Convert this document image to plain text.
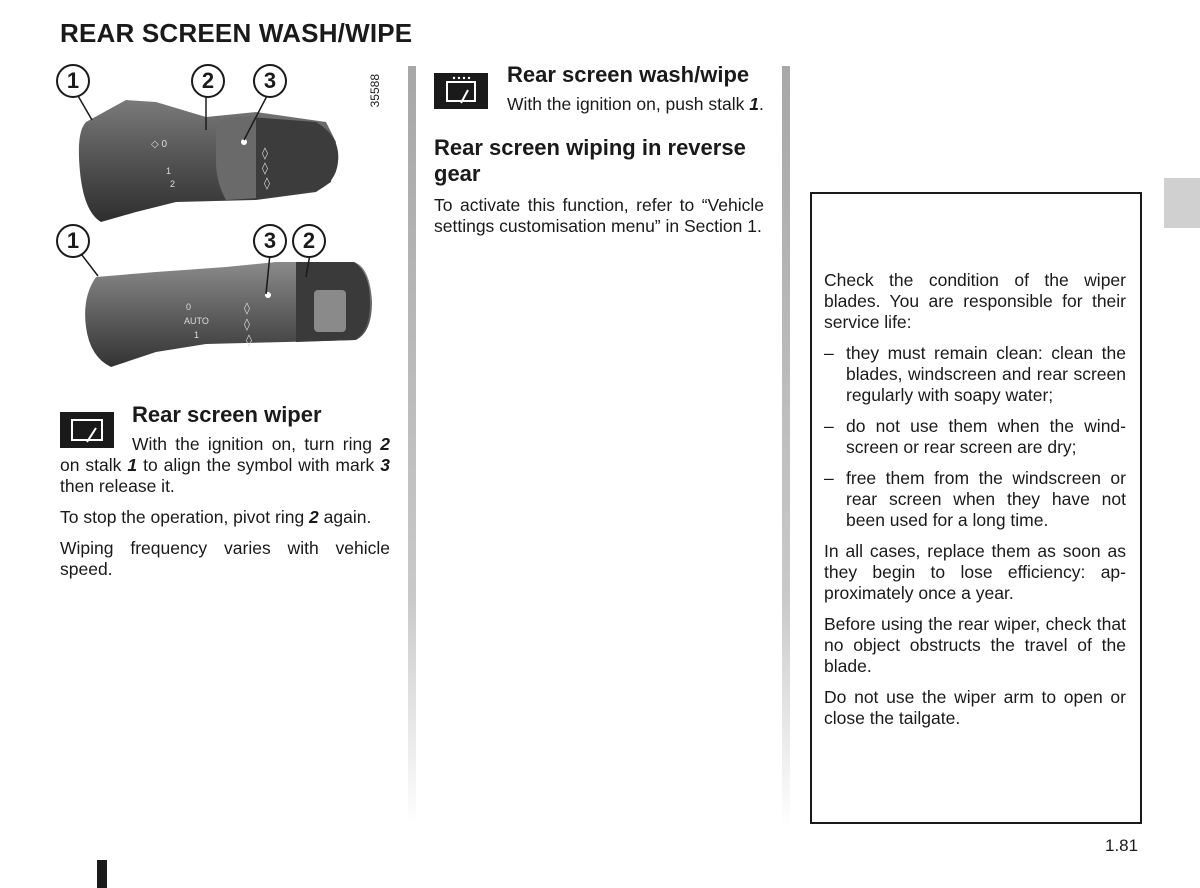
REAR SCREEN WASH/WIPE
◇ 0
1
2
◊
◊
◊
0
AUTO
1
◊
◊
◊
1	2	3
1	3	2
35588
Rear screen wiper

With the ignition on, turn ring 2 on stalk 1 to align the symbol with mark 3 then release it.

To stop the operation, pivot ring 2 again.

Wiping frequency varies with vehicle speed.

Rear screen wash/wipe

With the ignition on, push stalk 1.

Rear screen wiping in reverse gear

To activate this function, refer to “Vehicle settings customisation menu” in Section 1.

Check the condition of the wiper blades. You are responsible for their service life:

– they must remain clean: clean the blades, windscreen and rear screen regularly with soapy water;
– do not use them when the wind-screen or rear screen are dry;
– free them from the windscreen or rear screen when they have not been used for a long time.

In all cases, replace them as soon as they begin to lose efficiency: ap-proximately once a year.

Before using the rear wiper, check that no object obstructs the travel of the blade.

Do not use the wiper arm to open or close the tailgate.

1.81
